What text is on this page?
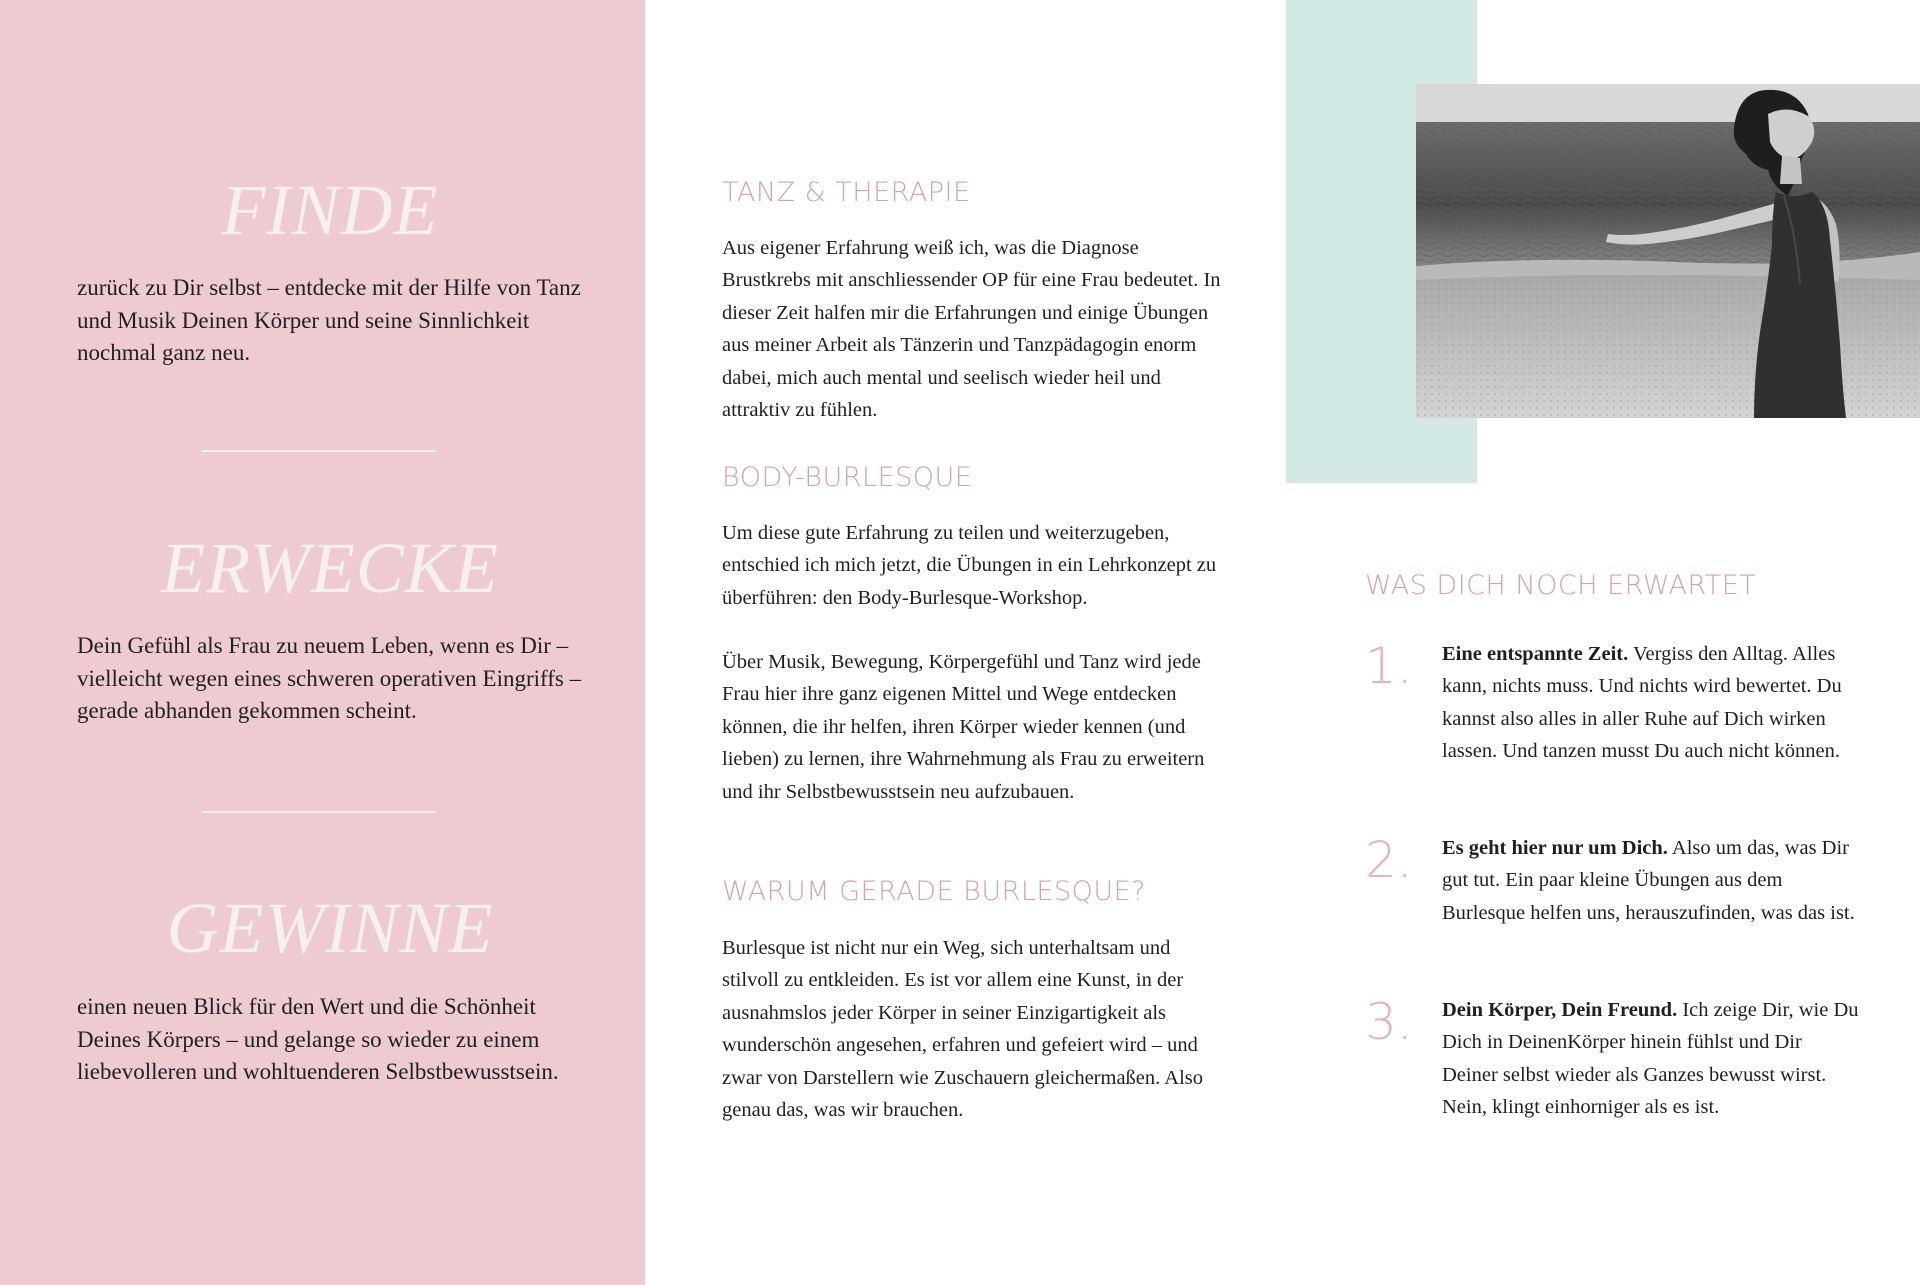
FINDE

zurück zu Dir selbst – entdecke mit der Hilfe von Tanz und Musik Deinen Körper und seine Sinnlichkeit nochmal ganz neu.

ERWECKE

Dein Gefühl als Frau zu neuem Leben, wenn es Dir – vielleicht wegen eines schweren operativen Eingriffs – gerade abhanden gekommen scheint.

GEWINNE

einen neuen Blick für den Wert und die Schönheit Deines Körpers – und gelange so wieder zu einem liebevolleren und wohltuenderen Selbstbewusstsein.

TANZ & THERAPIE

Aus eigener Erfahrung weiß ich, was die Diagnose Brustkrebs mit anschliessender OP für eine Frau bedeutet. In dieser Zeit halfen mir die Erfahrungen und einige Übungen aus meiner Arbeit als Tänzerin und Tanzpädagogin enorm dabei, mich auch mental und seelisch wieder heil und attraktiv zu fühlen.

BODY-BURLESQUE

Um diese gute Erfahrung zu teilen und weiterzugeben, entschied ich mich jetzt, die Übungen in ein Lehrkonzept zu überführen: den Body-Burlesque-Workshop.

Über Musik, Bewegung, Körpergefühl und Tanz wird jede Frau hier ihre ganz eigenen Mittel und Wege entdecken können, die ihr helfen, ihren Körper wieder kennen (und lieben) zu lernen, ihre Wahrnehmung als Frau zu erweitern und ihr Selbstbewusstsein neu aufzubauen.

WARUM GERADE BURLESQUE?

Burlesque ist nicht nur ein Weg, sich unterhaltsam und stilvoll zu entkleiden. Es ist vor allem eine Kunst, in der ausnahmslos jeder Körper in seiner Einzigartigkeit als wunderschön angesehen, erfahren und gefeiert wird – und zwar von Darstellern wie Zuschauern gleichermaßen. Also genau das, was wir brauchen.

WAS DICH NOCH ERWARTET
1. Eine entspannte Zeit. Vergiss den Alltag. Alles kann, nichts muss. Und nichts wird bewertet. Du kannst also alles in aller Ruhe auf Dich wirken lassen. Und tanzen musst Du auch nicht können.

2. Es geht hier nur um Dich. Also um das, was Dir gut tut. Ein paar kleine Übungen aus dem Burlesque helfen uns, herauszufinden, was das ist.

3. Dein Körper, Dein Freund. Ich zeige Dir, wie Du Dich in DeinenKörper hinein fühlst und Dir Deiner selbst wieder als Ganzes bewusst wirst. Nein, klingt einhorniger als es ist.
